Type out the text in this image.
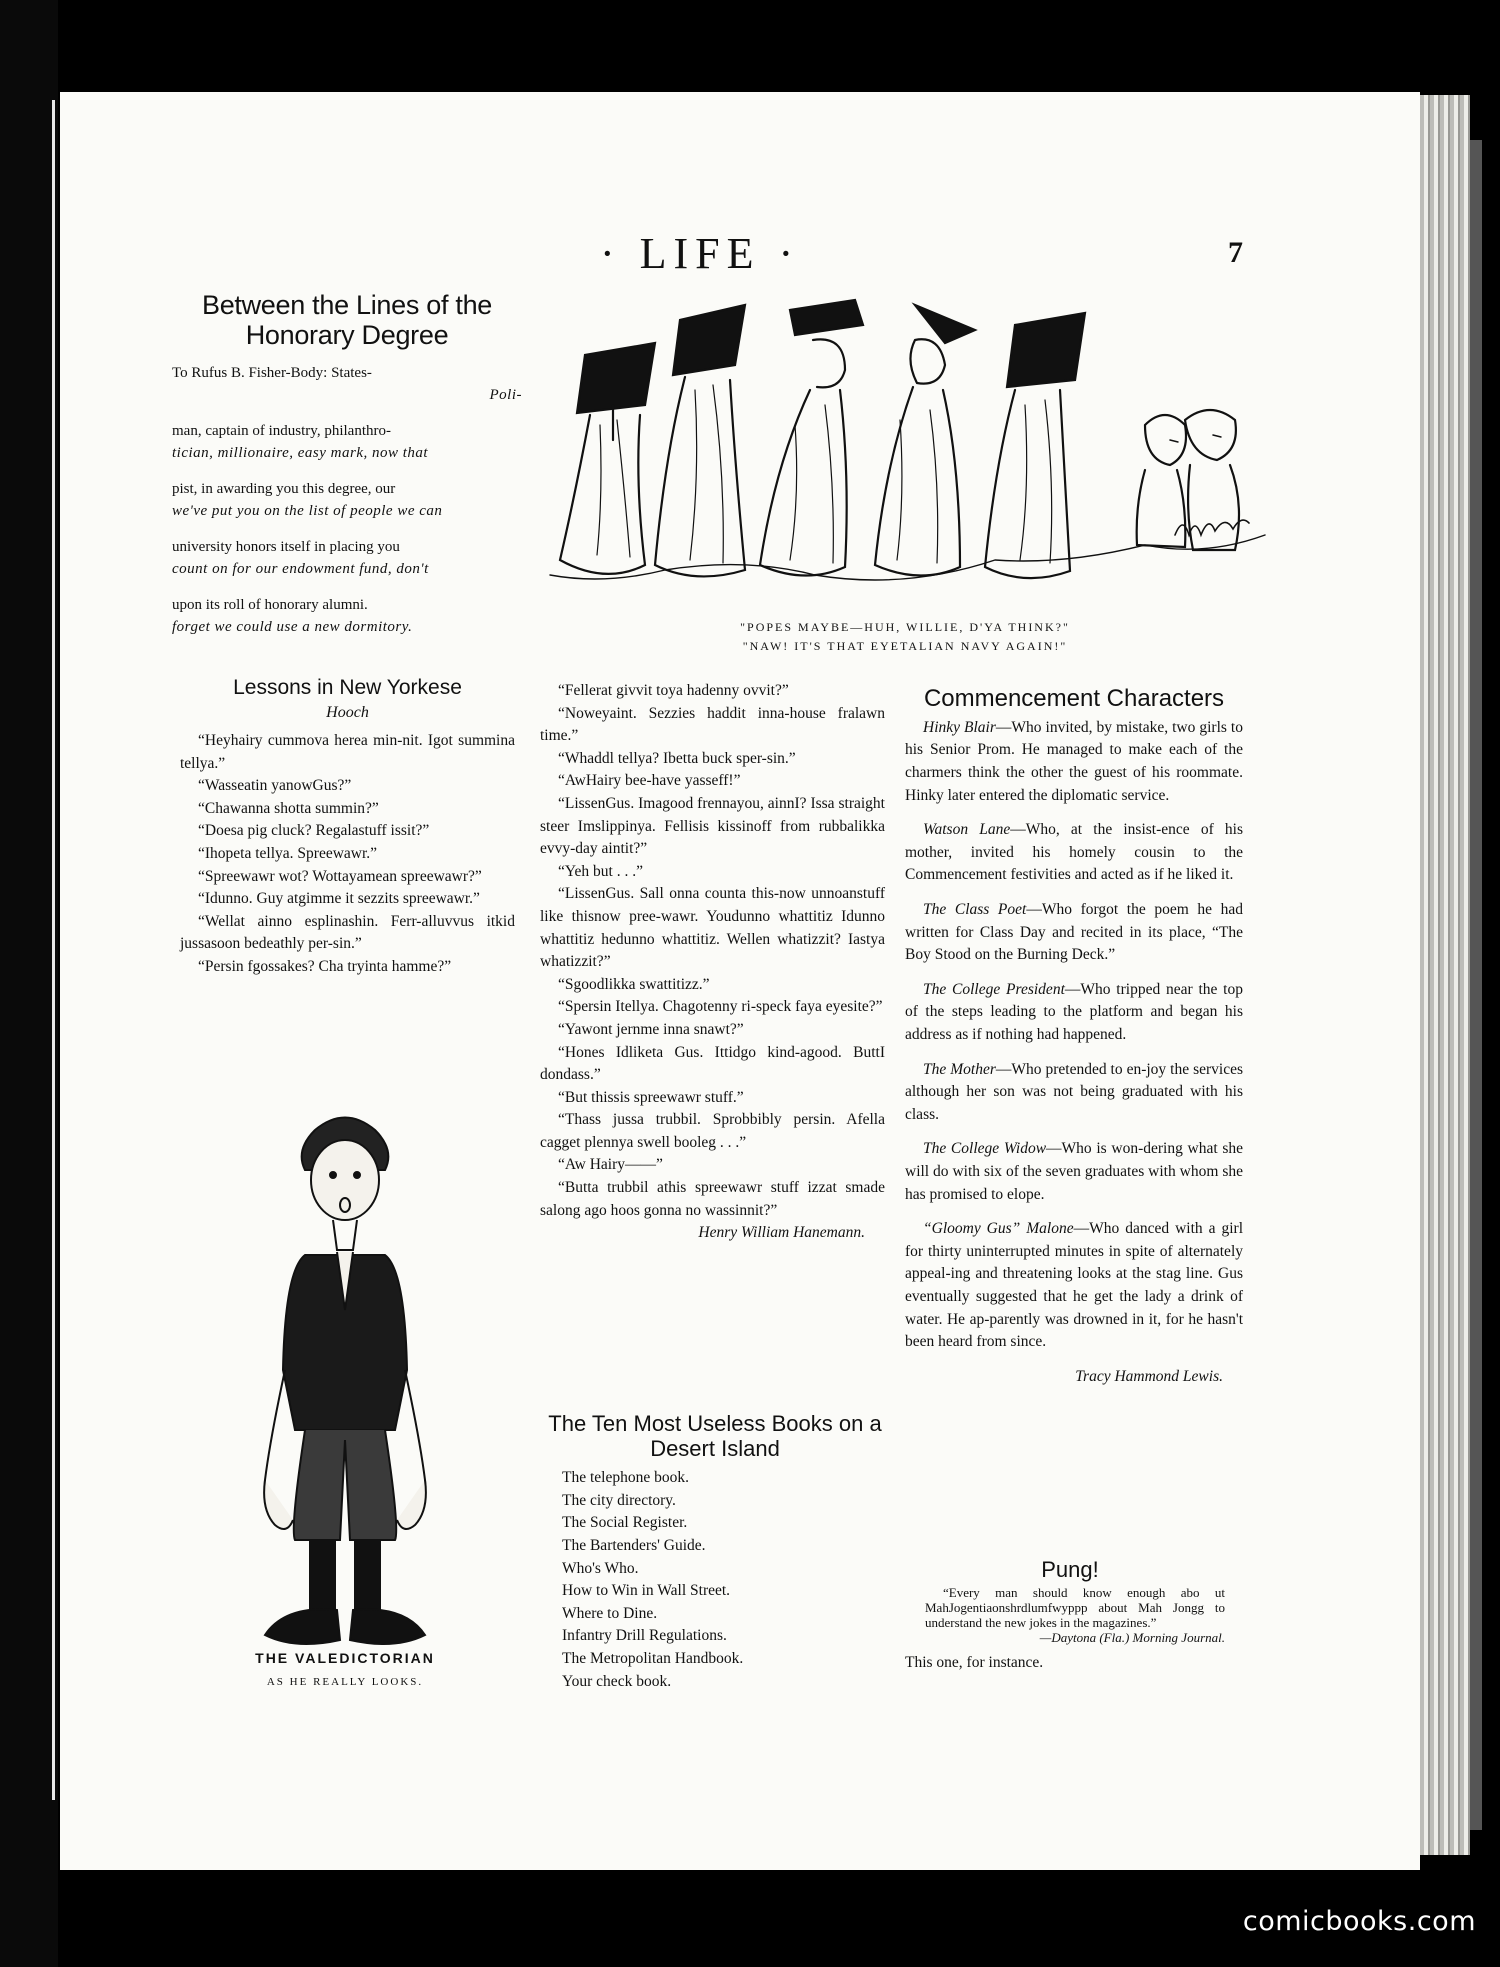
· LIFE ·	7
Between the Lines of the Honorary Degree
To Rufus B. Fisher-Body: States-
Poli-
man, captain of industry, philanthro-
tician, millionaire, easy mark, now that
pist, in awarding you this degree, our
we've put you on the list of people we can
university honors itself in placing you
count on for our endowment fund, don't
upon its roll of honorary alumni.
forget we could use a new dormitory.	"POPES MAYBE—HUH, WILLIE, D'YA THINK?"
"NAW! IT'S THAT EYETALIAN NAVY AGAIN!"
Lessons in New Yorkese
Hooch

“Heyhairy cummova herea min-nit. Igot summina tellya.”

“Wasseatin yanowGus?”

“Chawanna shotta summin?”

“Doesa pig cluck? Regalastuff issit?”

“Ihopeta tellya. Spreewawr.”

“Spreewawr wot? Wottayamean spreewawr?”

“Idunno. Guy atgimme it sezzits spreewawr.”

“Wellat ainno esplinashin. Ferr-alluvvus itkid jussasoon bedeathly per-sin.”

“Persin fgossakes? Cha tryinta hamme?”

“Fellerat givvit toya hadenny ovvit?”

“Noweyaint. Sezzies haddit inna-house fralawn time.”

“Whaddl tellya? Ibetta buck sper-sin.”

“AwHairy bee-have yasseff!”

“LissenGus. Imagood frennayou, ainnI? Issa straight steer Imslippinya. Fellisis kissinoff from rubbalikka evvy-day aintit?”

“Yeh but . . .”

“LissenGus. Sall onna counta this-now unnoanstuff like thisnow pree-wawr. Youdunno whattitiz Idunno whattitiz hedunno whattitiz. Wellen whatizzit? Iastya whatizzit?”

“Sgoodlikka swattitizz.”

“Spersin Itellya. Chagotenny ri-speck faya eyesite?”

“Yawont jernme inna snawt?”

“Hones Idliketa Gus. Ittidgo kind-agood. ButtI dondass.”

“But thissis spreewawr stuff.”

“Thass jussa trubbil. Sprobbibly persin. Afella cagget plennya swell booleg . . .”

“Aw Hairy——”

“Butta trubbil athis spreewawr stuff izzat smade salong ago hoos gonna no wassinnit?”

Henry William Hanemann.
THE VALEDICTORIAN
AS HE REALLY LOOKS.
The Ten Most Useless Books on a Desert Island
The telephone book.
The city directory.
The Social Register.
The Bartenders' Guide.
Who's Who.
How to Win in Wall Street.
Where to Dine.
Infantry Drill Regulations.
The Metropolitan Handbook.
Your check book.
Commencement Characters

Hinky Blair—Who invited, by mistake, two girls to his Senior Prom. He managed to make each of the charmers think the other the guest of his roommate. Hinky later entered the diplomatic service.

Watson Lane—Who, at the insist-ence of his mother, invited his homely cousin to the Commencement festivities and acted as if he liked it.

The Class Poet—Who forgot the poem he had written for Class Day and recited in its place, “The Boy Stood on the Burning Deck.”

The College President—Who tripped near the top of the steps leading to the platform and began his address as if nothing had happened.

The Mother—Who pretended to en-joy the services although her son was not being graduated with his class.

The College Widow—Who is won-dering what she will do with six of the seven graduates with whom she has promised to elope.

“Gloomy Gus” Malone—Who danced with a girl for thirty uninterrupted minutes in spite of alternately appeal-ing and threatening looks at the stag line. Gus eventually suggested that he get the lady a drink of water. He ap-parently was drowned in it, for he hasn't been heard from since.

Tracy Hammond Lewis.
Pung!
“Every man should know enough abo ut MahJogentiaonshrdlumfwyppp about Mah Jongg to understand the new jokes in the magazines.”
—Daytona (Fla.) Morning Journal.
This one, for instance.
comicbooks.com
